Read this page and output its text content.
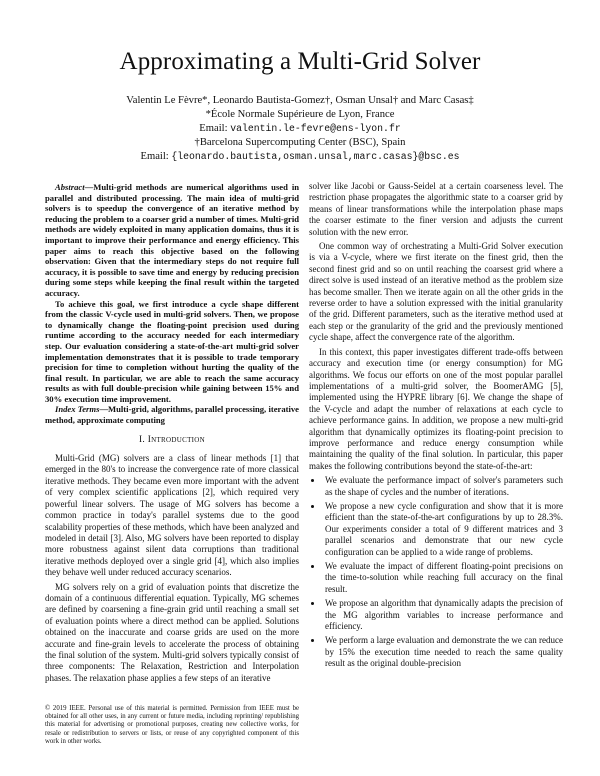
Approximating a Multi-Grid Solver
Valentin Le Fèvre*, Leonardo Bautista-Gomez†, Osman Unsal† and Marc Casas‡
*École Normale Supérieure de Lyon, France
Email: valentin.le-fevre@ens-lyon.fr
†Barcelona Supercomputing Center (BSC), Spain
Email: {leonardo.bautista,osman.unsal,marc.casas}@bsc.es

Abstract—Multi-grid methods are numerical algorithms used in parallel and distributed processing. The main idea of multi-grid solvers is to speedup the convergence of an iterative method by reducing the problem to a coarser grid a number of times. Multi-grid methods are widely exploited in many application domains, thus it is important to improve their performance and energy efficiency. This paper aims to reach this objective based on the following observation: Given that the intermediary steps do not require full accuracy, it is possible to save time and energy by reducing precision during some steps while keeping the final result within the targeted accuracy.

To achieve this goal, we first introduce a cycle shape different from the classic V-cycle used in multi-grid solvers. Then, we propose to dynamically change the floating-point precision used during runtime according to the accuracy needed for each intermediary step. Our evaluation considering a state-of-the-art multi-grid solver implementation demonstrates that it is possible to trade temporary precision for time to completion without hurting the quality of the final result. In particular, we are able to reach the same accuracy results as with full double-precision while gaining between 15% and 30% execution time improvement.

Index Terms—Multi-grid, algorithms, parallel processing, iterative method, approximate computing

I. Introduction

Multi-Grid (MG) solvers are a class of linear methods [1] that emerged in the 80's to increase the convergence rate of more classical iterative methods. They became even more important with the advent of very complex scientific applications [2], which required very powerful linear solvers. The usage of MG solvers has become a common practice in today's parallel systems due to the good scalability properties of these methods, which have been analyzed and modeled in detail [3]. Also, MG solvers have been reported to display more robustness against silent data corruptions than traditional iterative methods deployed over a single grid [4], which also implies they behave well under reduced accuracy scenarios.

MG solvers rely on a grid of evaluation points that discretize the domain of a continuous differential equation. Typically, MG schemes are defined by coarsening a fine-grain grid until reaching a small set of evaluation points where a direct method can be applied. Solutions obtained on the inaccurate and coarse grids are used on the more accurate and fine-grain levels to accelerate the process of obtaining the final solution of the system. Multi-grid solvers typically consist of three components: The Relaxation, Restriction and Interpolation phases. The relaxation phase applies a few steps of an iterative

solver like Jacobi or Gauss-Seidel at a certain coarseness level. The restriction phase propagates the algorithmic state to a coarser grid by means of linear transformations while the interpolation phase maps the coarser estimate to the finer version and adjusts the current solution with the new error.

One common way of orchestrating a Multi-Grid Solver execution is via a V-cycle, where we first iterate on the finest grid, then the second finest grid and so on until reaching the coarsest grid where a direct solve is used instead of an iterative method as the problem size has become smaller. Then we iterate again on all the other grids in the reverse order to have a solution expressed with the initial granularity of the grid. Different parameters, such as the iterative method used at each step or the granularity of the grid and the previously mentioned cycle shape, affect the convergence rate of the algorithm.

In this context, this paper investigates different trade-offs between accuracy and execution time (or energy consumption) for MG algorithms. We focus our efforts on one of the most popular parallel implementations of a multi-grid solver, the BoomerAMG [5], implemented using the HYPRE library [6]. We change the shape of the V-cycle and adapt the number of relaxations at each cycle to achieve performance gains. In addition, we propose a new multi-grid algorithm that dynamically optimizes its floating-point precision to improve performance and reduce energy consumption while maintaining the quality of the final solution. In particular, this paper makes the following contributions beyond the state-of-the-art:

• We evaluate the performance impact of solver's parameters such as the shape of cycles and the number of iterations.
• We propose a new cycle configuration and show that it is more efficient than the state-of-the-art configurations by up to 28.3%. Our experiments consider a total of 9 different matrices and 3 parallel scenarios and demonstrate that our new cycle configuration can be applied to a wide range of problems.
• We evaluate the impact of different floating-point precisions on the time-to-solution while reaching full accuracy on the final result.
• We propose an algorithm that dynamically adapts the precision of the MG algorithm variables to increase performance and efficiency.
• We perform a large evaluation and demonstrate the we can reduce by 15% the execution time needed to reach the same quality result as the original double-precision
© 2019 IEEE. Personal use of this material is permitted. Permission from IEEE must be obtained for all other uses, in any current or future media, including reprinting/ republishing this material for advertising or promotional purposes, creating new collective works, for resale or redistribution to servers or lists, or reuse of any copyrighted component of this work in other works.
